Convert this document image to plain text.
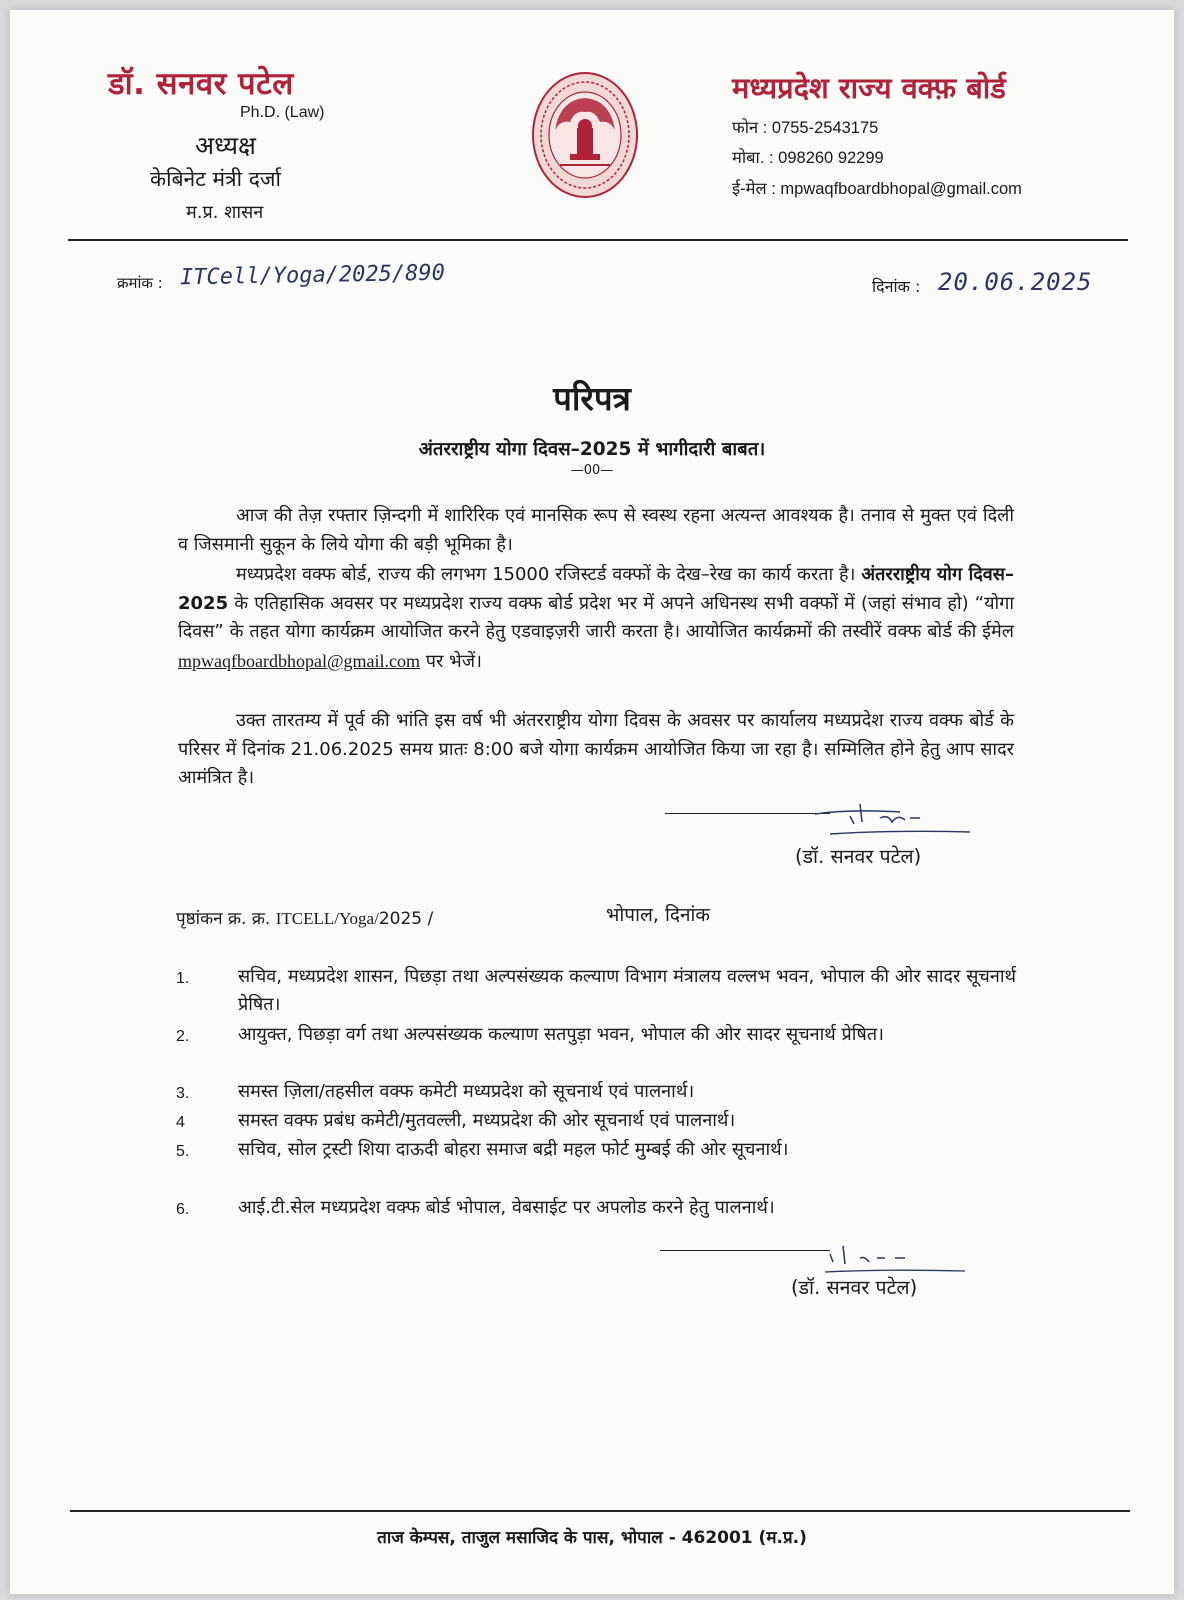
डॉ. सनवर पटेल
Ph.D. (Law)
अध्यक्ष
केबिनेट मंत्री दर्जा
म.प्र. शासन
मध्यप्रदेश राज्य वक्फ़ बोर्ड
फोन : 0755-2543175
मोबा. : 098260 92299
ई-मेल : mpwaqfboardbhopal@gmail.com
क्रमांक : ITCell/Yoga/2025/890	दिनांक : 20.06.2025
परिपत्र
अंतरराष्ट्रीय योगा दिवस–2025 में भागीदारी बाबत।
—00—
आज की तेज़ रफ्तार ज़िन्दगी में शारिरिक एवं मानसिक रूप से स्वस्थ रहना अत्यन्त आवश्यक है। तनाव से मुक्त एवं दिली व जिसमानी सुकून के लिये योगा की बड़ी भूमिका है।
मध्यप्रदेश वक्फ बोर्ड, राज्य की लगभग 15000 रजिस्टर्ड वक्फों के देख–रेख का कार्य करता है। अंतरराष्ट्रीय योग दिवस–2025 के एतिहासिक अवसर पर मध्यप्रदेश राज्य वक्फ बोर्ड प्रदेश भर में अपने अधिनस्थ सभी वक्फों में (जहां संभाव हो) “योगा दिवस” के तहत योगा कार्यक्रम आयोजित करने हेतु एडवाइज़री जारी करता है। आयोजित कार्यक्रमों की तस्वीरें वक्फ बोर्ड की ईमेल mpwaqfboardbhopal@gmail.com पर भेजें।
उक्त तारतम्य में पूर्व की भांति इस वर्ष भी अंतरराष्ट्रीय योगा दिवस के अवसर पर कार्यालय मध्यप्रदेश राज्य वक्फ बोर्ड के परिसर में दिनांक 21.06.2025 समय प्रातः 8:00 बजे योगा कार्यक्रम आयोजित किया जा रहा है। सम्मिलित होने हेतु आप सादर आमंत्रित है।
(डॉ. सनवर पटेल)
पृष्ठांकन क्र. क्र. ITCELL/Yoga/2025 /	भोपाल, दिनांक
1.	सचिव, मध्यप्रदेश शासन, पिछड़ा तथा अल्पसंख्यक कल्याण विभाग मंत्रालय वल्लभ भवन, भोपाल की ओर सादर सूचनार्थ प्रेषित।
2.	आयुक्त, पिछड़ा वर्ग तथा अल्पसंख्यक कल्याण सतपुड़ा भवन, भोपाल की ओर सादर सूचनार्थ प्रेषित।
3.	समस्त ज़िला/तहसील वक्फ कमेटी मध्यप्रदेश को सूचनार्थ एवं पालनार्थ।
4	समस्त वक्फ प्रबंध कमेटी/मुतवल्ली, मध्यप्रदेश की ओर सूचनार्थ एवं पालनार्थ।
5.	सचिव, सोल ट्रस्टी शिया दाऊदी बोहरा समाज बद्री महल फोर्ट मुम्बई की ओर सूचनार्थ।
6.	आई.टी.सेल मध्यप्रदेश वक्फ बोर्ड भोपाल, वेबसाईट पर अपलोड करने हेतु पालनार्थ।
(डॉ. सनवर पटेल)
ताज केम्पस, ताजुल मसाजिद के पास, भोपाल - 462001 (म.प्र.)
